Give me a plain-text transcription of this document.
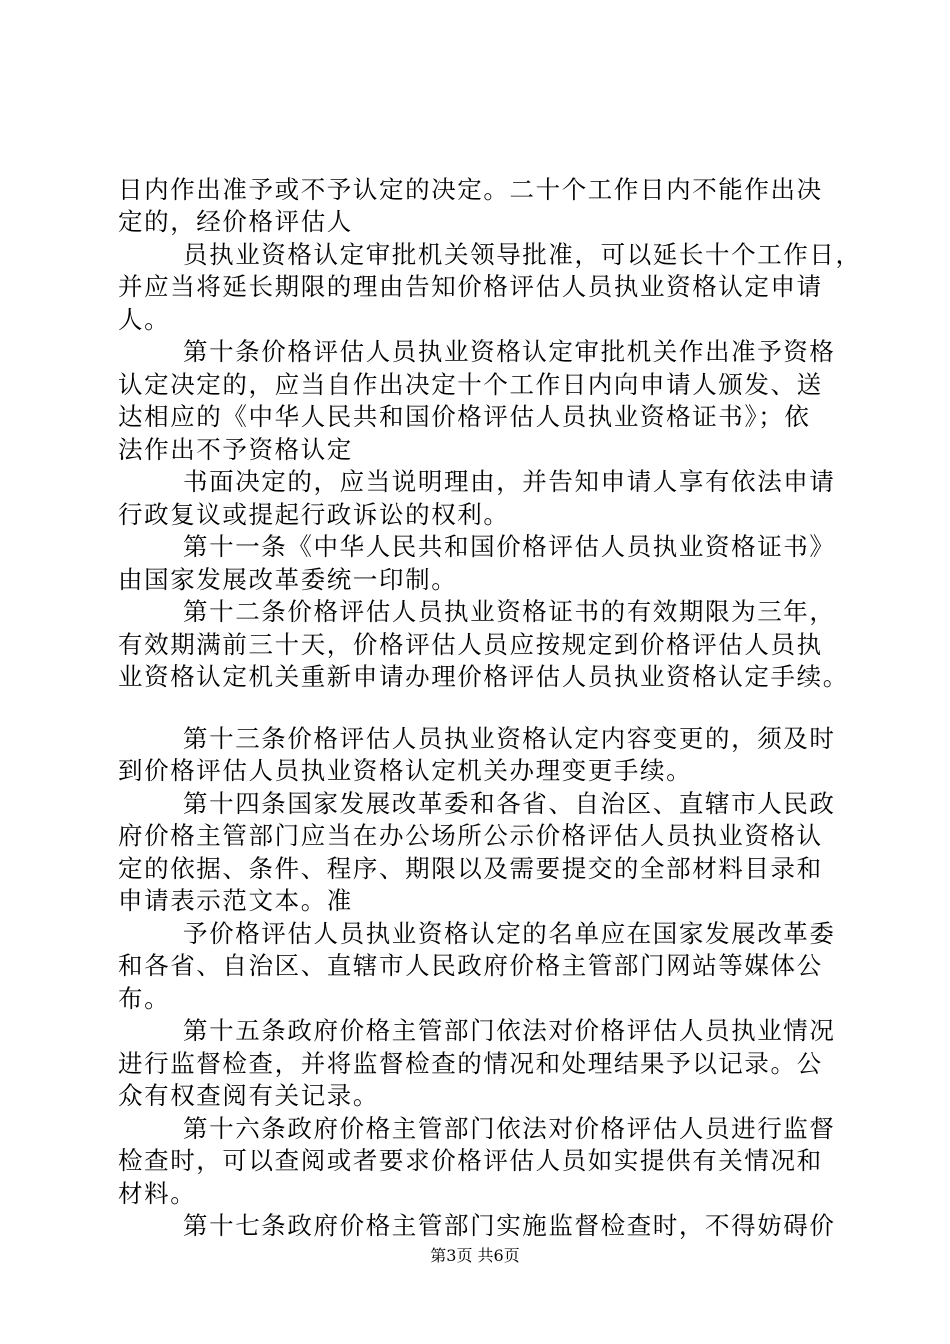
日内作出准予或不予认定的决定。二十个工作日内不能作出决
定的，经价格评估人
员执业资格认定审批机关领导批准，可以延长十个工作日，
并应当将延长期限的理由告知价格评估人员执业资格认定申请
人。
第十条价格评估人员执业资格认定审批机关作出准予资格
认定决定的，应当自作出决定十个工作日内向申请人颁发、送
达相应的《中华人民共和国价格评估人员执业资格证书》；依
法作出不予资格认定
书面决定的，应当说明理由，并告知申请人享有依法申请
行政复议或提起行政诉讼的权利。
第十一条《中华人民共和国价格评估人员执业资格证书》
由国家发展改革委统一印制。
第十二条价格评估人员执业资格证书的有效期限为三年，
有效期满前三十天，价格评估人员应按规定到价格评估人员执
业资格认定机关重新申请办理价格评估人员执业资格认定手续。
第十三条价格评估人员执业资格认定内容变更的，须及时
到价格评估人员执业资格认定机关办理变更手续。
第十四条国家发展改革委和各省、自治区、直辖市人民政
府价格主管部门应当在办公场所公示价格评估人员执业资格认
定的依据、条件、程序、期限以及需要提交的全部材料目录和
申请表示范文本。准
予价格评估人员执业资格认定的名单应在国家发展改革委
和各省、自治区、直辖市人民政府价格主管部门网站等媒体公
布。
第十五条政府价格主管部门依法对价格评估人员执业情况
进行监督检查，并将监督检查的情况和处理结果予以记录。公
众有权查阅有关记录。
第十六条政府价格主管部门依法对价格评估人员进行监督
检查时，可以查阅或者要求价格评估人员如实提供有关情况和
材料。
第十七条政府价格主管部门实施监督检查时，不得妨碍价
第3页 共6页
